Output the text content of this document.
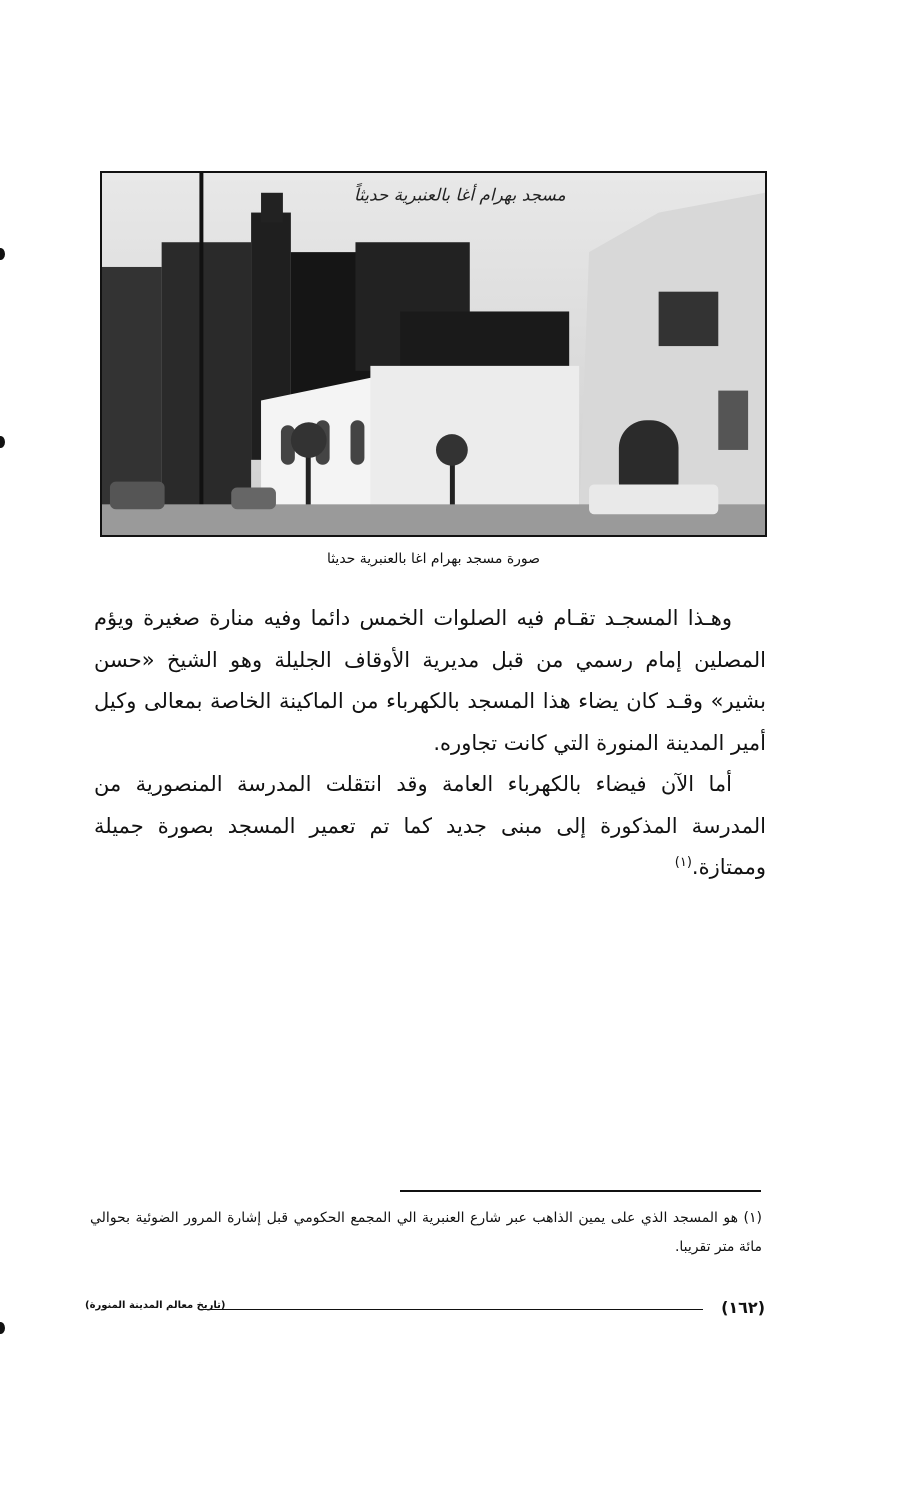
مسجد بهرام أغا بالعنبرية حديثاً
صورة مسجد بهرام اغا بالعنبرية حديثا

وهـذا المسجـد تقـام فيه الصلوات الخمس دائما وفيه منارة صغيرة ويؤم المصلين إمام رسمي من قبل مديرية الأوقاف الجليلة وهو الشيخ «حسن بشير» وقـد كان يضاء هذا المسجد بالكهرباء من الماكينة الخاصة بمعالى وكيل أمير المدينة المنورة التي كانت تجاوره.

أما الآن فيضاء بالكهرباء العامة وقد انتقلت المدرسة المنصورية من المدرسة المذكورة إلى مبنى جديد كما تم تعمير المسجد بصورة جميلة وممتازة.$^{(١)}$

(١) هو المسجد الذي على يمين الذاهب عبر شارع العنبرية الي المجمع الحكومي قبل إشارة المرور الضوئية بحوالي مائة متر تقريبا.
(١٦٢)
(تاريخ معالم المدينة المنورة)
